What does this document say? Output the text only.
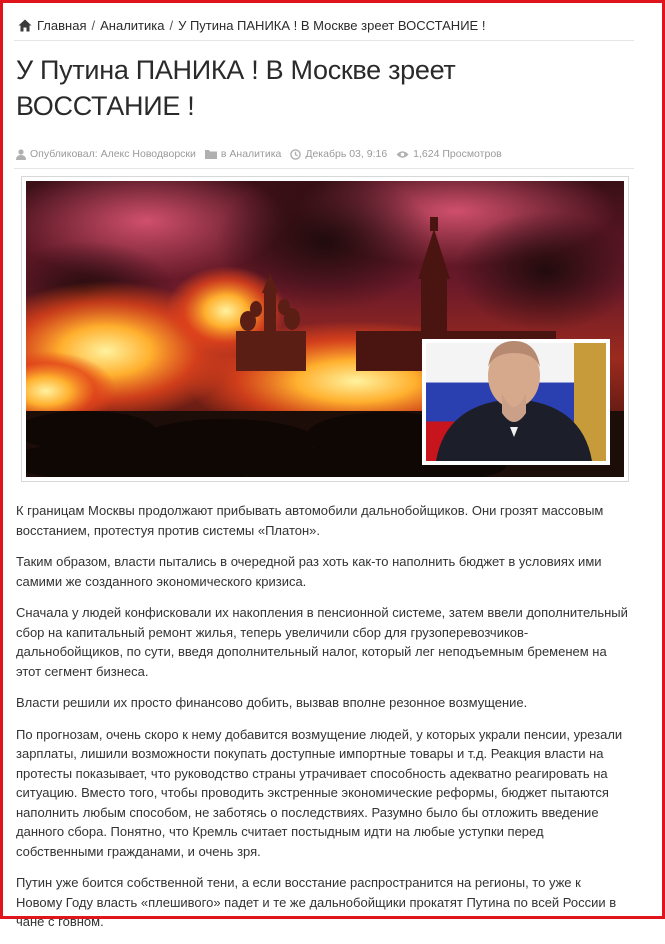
Главная / Аналитика / У Путина ПАНИКА ! В Москве зреет ВОССТАНИЕ !
У Путина ПАНИКА ! В Москве зреет ВОССТАНИЕ !
Опубликовал: Алекс Новодворски в Аналитика Декабрь 03, 9:16 1,624 Просмотров

К границам Москвы продолжают прибывать автомобили дальнобойщиков. Они грозят массовым восстанием, протестуя против системы «Платон».

Таким образом, власти пытались в очередной раз хоть как-то наполнить бюджет в условиях ими самими же созданного экономического кризиса.

Сначала у людей конфисковали их накопления в пенсионной системе, затем ввели дополнительный сбор на капитальный ремонт жилья, теперь увеличили сбор для грузоперевозчиков-дальнобойщиков, по сути, введя дополнительный налог, который лег неподъемным бременем на этот сегмент бизнеса.

Власти решили их просто финансово добить, вызвав вполне резонное возмущение.

По прогнозам, очень скоро к нему добавится возмущение людей, у которых украли пенсии, урезали зарплаты, лишили возможности покупать доступные импортные товары и т.д. Реакция власти на протесты показывает, что руководство страны утрачивает способность адекватно реагировать на ситуацию. Вместо того, чтобы проводить экстренные экономические реформы, бюджет пытаются наполнить любым способом, не заботясь о последствиях. Разумно было бы отложить введение данного сбора. Понятно, что Кремль считает постыдным идти на любые уступки перед собственными гражданами, и очень зря.

Путин уже боится собственной тени, а если восстание распространится на регионы, то уже к Новому Году власть «плешивого» падет и те же дальнобойщики прокатят Путина по всей России в чане с говном.
